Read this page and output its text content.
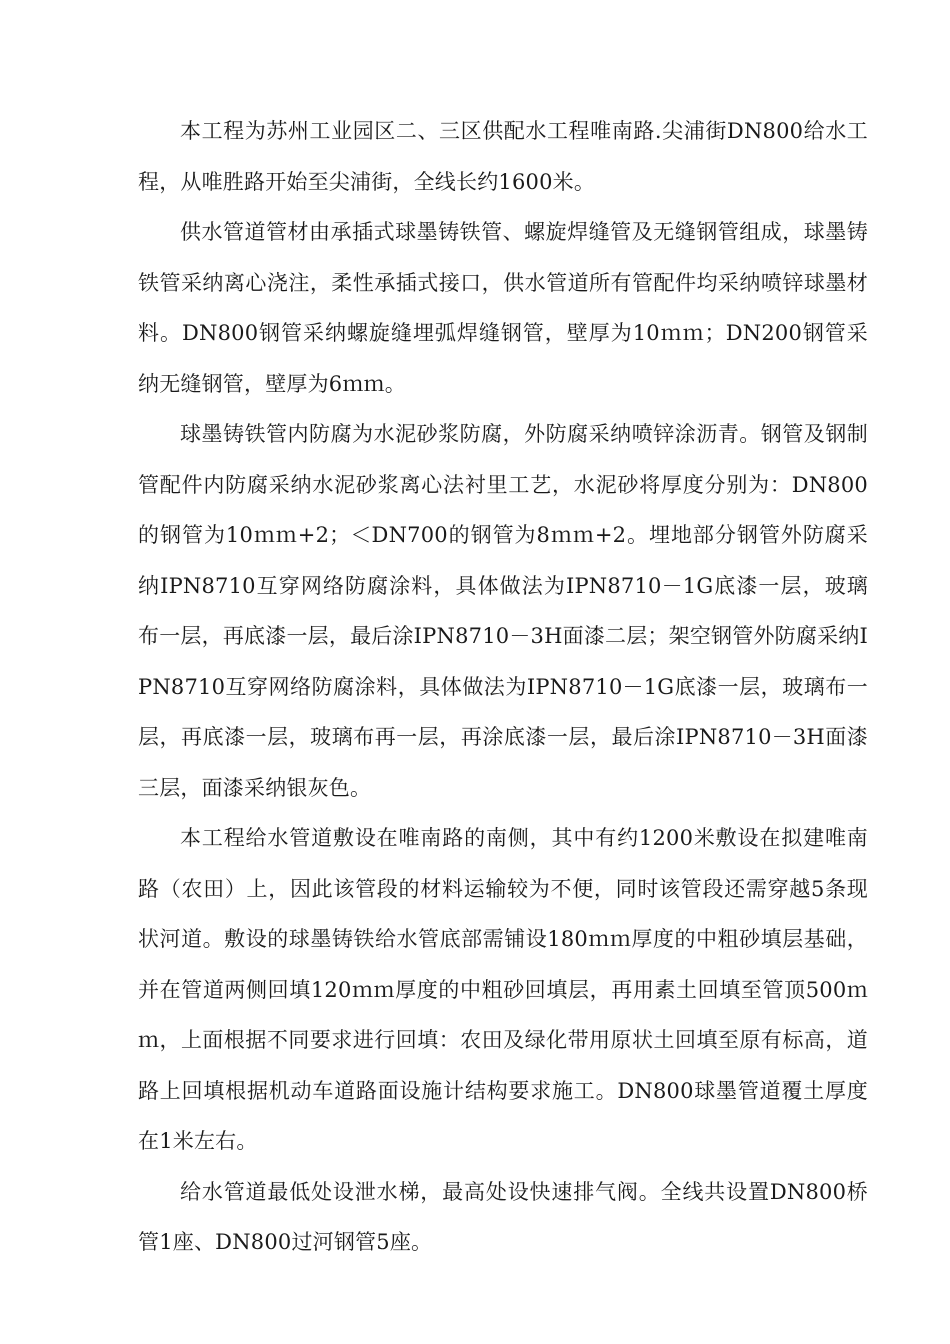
本工程为苏州工业园区二、三区供配水工程唯南路.尖浦街DN800给水工程，从唯胜路开始至尖浦街，全线长约1600米。

供水管道管材由承插式球墨铸铁管、螺旋焊缝管及无缝钢管组成，球墨铸铁管采纳离心浇注，柔性承插式接口，供水管道所有管配件均采纳喷锌球墨材料。DN800钢管采纳螺旋缝埋弧焊缝钢管，壁厚为10ｍｍ；DN200钢管采纳无缝钢管，壁厚为6ｍｍ。

球墨铸铁管内防腐为水泥砂浆防腐，外防腐采纳喷锌涂沥青。钢管及钢制管配件内防腐采纳水泥砂浆离心法衬里工艺，水泥砂将厚度分别为：DN800的钢管为10ｍｍ+2；＜DN700的钢管为8ｍｍ+2。埋地部分钢管外防腐采纳IPN8710互穿网络防腐涂料，具体做法为IPN8710－1G底漆一层，玻璃布一层，再底漆一层，最后涂IPN8710－3H面漆二层；架空钢管外防腐采纳IPN8710互穿网络防腐涂料，具体做法为IPN8710－1G底漆一层，玻璃布一层，再底漆一层，玻璃布再一层，再涂底漆一层，最后涂IPN8710－3H面漆三层，面漆采纳银灰色。

本工程给水管道敷设在唯南路的南侧，其中有约1200米敷设在拟建唯南路（农田）上，因此该管段的材料运输较为不便，同时该管段还需穿越5条现状河道。敷设的球墨铸铁给水管底部需铺设180ｍｍ厚度的中粗砂填层基础，并在管道两侧回填120ｍｍ厚度的中粗砂回填层，再用素土回填至管顶500ｍｍ，上面根据不同要求进行回填：农田及绿化带用原状土回填至原有标高，道路上回填根据机动车道路面设施计结构要求施工。DN800球墨管道覆土厚度在1米左右。

给水管道最低处设泄水梯，最高处设快速排气阀。全线共设置DN800桥管1座、DN800过河钢管5座。
